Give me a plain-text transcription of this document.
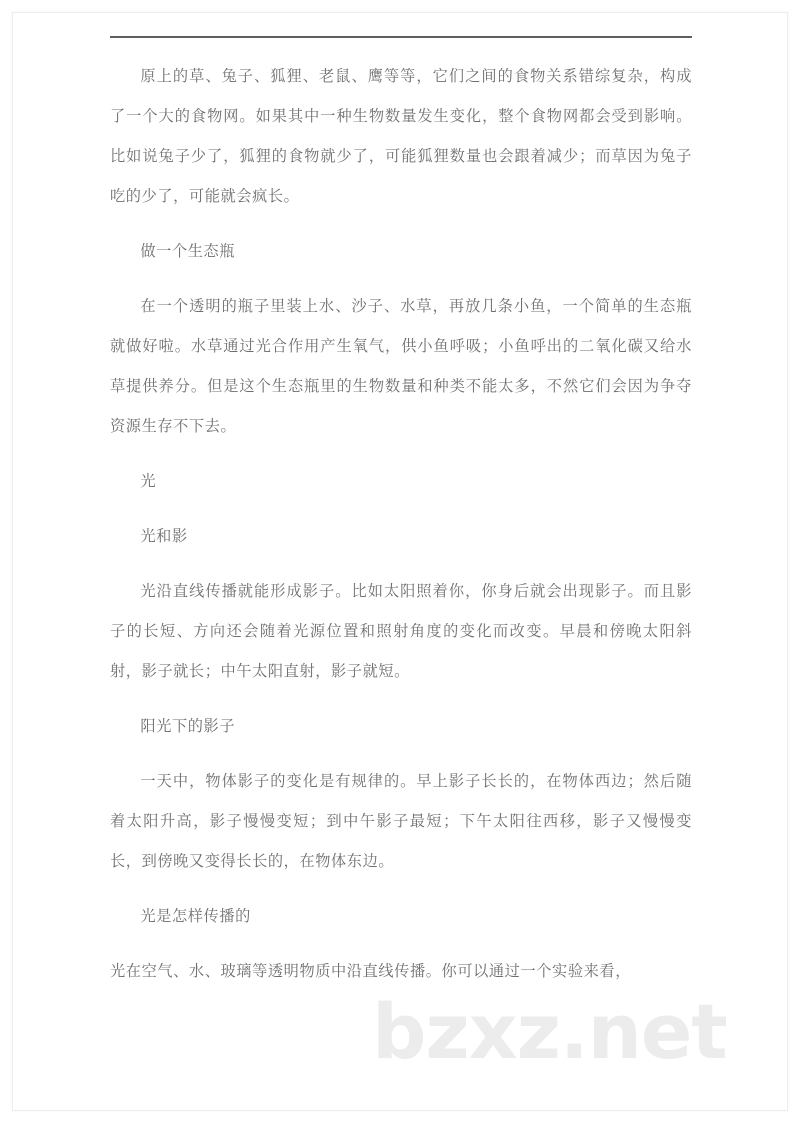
原上的草、兔子、狐狸、老鼠、鹰等等，它们之间的食物关系错综复杂，构成了一个大的食物网。如果其中一种生物数量发生变化，整个食物网都会受到影响。比如说兔子少了，狐狸的食物就少了，可能狐狸数量也会跟着减少；而草因为兔子吃的少了，可能就会疯长。

做一个生态瓶

在一个透明的瓶子里装上水、沙子、水草，再放几条小鱼，一个简单的生态瓶就做好啦。水草通过光合作用产生氧气，供小鱼呼吸；小鱼呼出的二氧化碳又给水草提供养分。但是这个生态瓶里的生物数量和种类不能太多，不然它们会因为争夺资源生存不下去。

光

光和影

光沿直线传播就能形成影子。比如太阳照着你，你身后就会出现影子。而且影子的长短、方向还会随着光源位置和照射角度的变化而改变。早晨和傍晚太阳斜射，影子就长；中午太阳直射，影子就短。

阳光下的影子

一天中，物体影子的变化是有规律的。早上影子长长的，在物体西边；然后随着太阳升高，影子慢慢变短；到中午影子最短；下午太阳往西移，影子又慢慢变长，到傍晚又变得长长的，在物体东边。

光是怎样传播的

光在空气、水、玻璃等透明物质中沿直线传播。你可以通过一个实验来看，

bzxz.net
